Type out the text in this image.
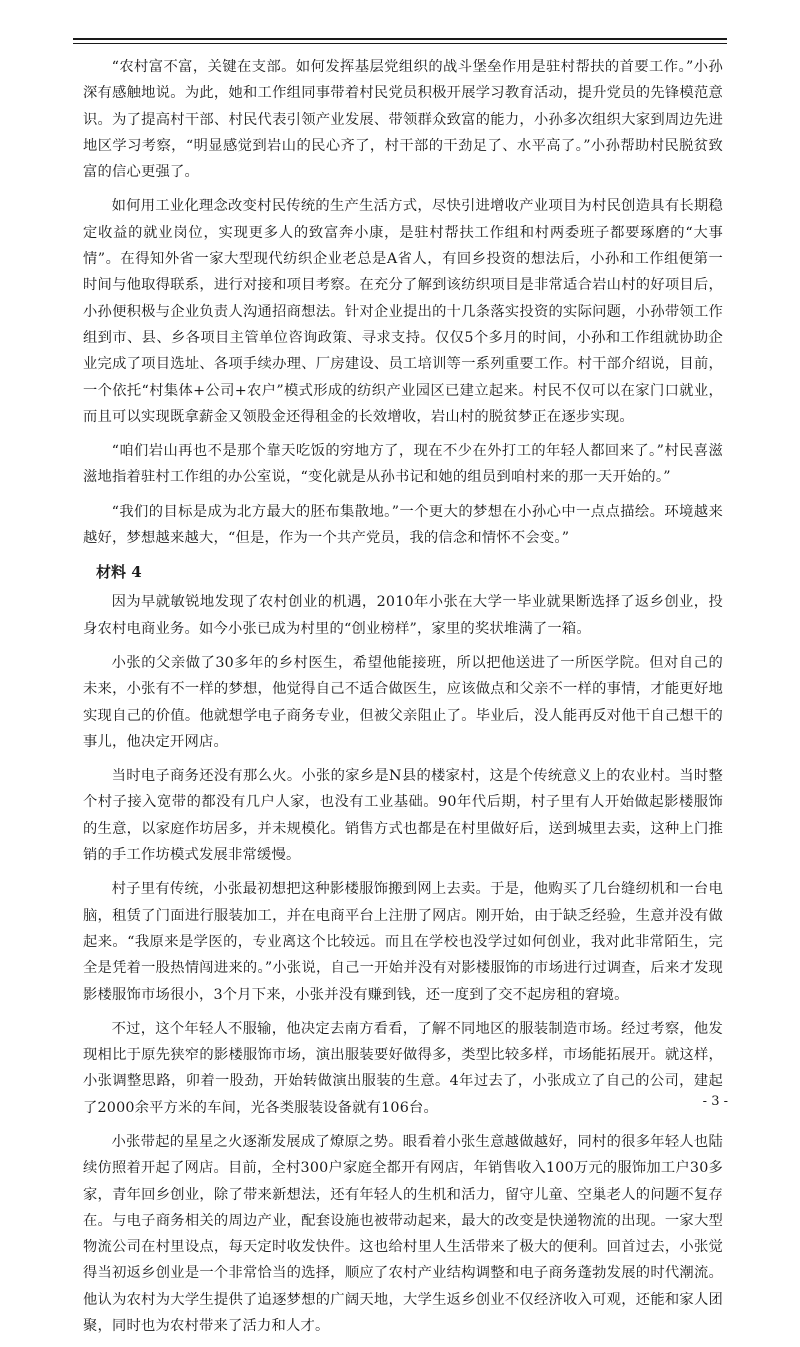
“农村富不富，关键在支部。如何发挥基层党组织的战斗堡垒作用是驻村帮扶的首要工作。”小孙深有感触地说。为此，她和工作组同事带着村民党员积极开展学习教育活动，提升党员的先锋模范意识。为了提高村干部、村民代表引领产业发展、带领群众致富的能力，小孙多次组织大家到周边先进地区学习考察，“明显感觉到岩山的民心齐了，村干部的干劲足了、水平高了。”小孙帮助村民脱贫致富的信心更强了。

如何用工业化理念改变村民传统的生产生活方式，尽快引进增收产业项目为村民创造具有长期稳定收益的就业岗位，实现更多人的致富奔小康，是驻村帮扶工作组和村两委班子都要琢磨的“大事情”。在得知外省一家大型现代纺织企业老总是A省人，有回乡投资的想法后，小孙和工作组便第一时间与他取得联系，进行对接和项目考察。在充分了解到该纺织项目是非常适合岩山村的好项目后，小孙便积极与企业负责人沟通招商想法。针对企业提出的十几条落实投资的实际问题，小孙带领工作组到市、县、乡各项目主管单位咨询政策、寻求支持。仅仅5个多月的时间，小孙和工作组就协助企业完成了项目选址、各项手续办理、厂房建设、员工培训等一系列重要工作。村干部介绍说，目前，一个依托“村集体+公司+农户”模式形成的纺织产业园区已建立起来。村民不仅可以在家门口就业，而且可以实现既拿薪金又领股金还得租金的长效增收，岩山村的脱贫梦正在逐步实现。

“咱们岩山再也不是那个靠天吃饭的穷地方了，现在不少在外打工的年轻人都回来了。”村民喜滋滋地指着驻村工作组的办公室说，“变化就是从孙书记和她的组员到咱村来的那一天开始的。”

“我们的目标是成为北方最大的胚布集散地。”一个更大的梦想在小孙心中一点点描绘。环境越来越好，梦想越来越大，“但是，作为一个共产党员，我的信念和情怀不会变。”

材料 4

因为早就敏锐地发现了农村创业的机遇，2010年小张在大学一毕业就果断选择了返乡创业，投身农村电商业务。如今小张已成为村里的“创业榜样”，家里的奖状堆满了一箱。

小张的父亲做了30多年的乡村医生，希望他能接班，所以把他送进了一所医学院。但对自己的未来，小张有不一样的梦想，他觉得自己不适合做医生，应该做点和父亲不一样的事情，才能更好地实现自己的价值。他就想学电子商务专业，但被父亲阻止了。毕业后，没人能再反对他干自己想干的事儿，他决定开网店。

当时电子商务还没有那么火。小张的家乡是N县的楼家村，这是个传统意义上的农业村。当时整个村子接入宽带的都没有几户人家，也没有工业基础。90年代后期，村子里有人开始做起影楼服饰的生意，以家庭作坊居多，并未规模化。销售方式也都是在村里做好后，送到城里去卖，这种上门推销的手工作坊模式发展非常缓慢。

村子里有传统，小张最初想把这种影楼服饰搬到网上去卖。于是，他购买了几台缝纫机和一台电脑，租赁了门面进行服装加工，并在电商平台上注册了网店。刚开始，由于缺乏经验，生意并没有做起来。“我原来是学医的，专业离这个比较远。而且在学校也没学过如何创业，我对此非常陌生，完全是凭着一股热情闯进来的。”小张说，自己一开始并没有对影楼服饰的市场进行过调查，后来才发现影楼服饰市场很小，3个月下来，小张并没有赚到钱，还一度到了交不起房租的窘境。

不过，这个年轻人不服输，他决定去南方看看，了解不同地区的服装制造市场。经过考察，他发现相比于原先狭窄的影楼服饰市场，演出服装要好做得多，类型比较多样，市场能拓展开。就这样，小张调整思路，卯着一股劲，开始转做演出服装的生意。4年过去了，小张成立了自己的公司，建起了2000余平方米的车间，光各类服装设备就有106台。

小张带起的星星之火逐渐发展成了燎原之势。眼看着小张生意越做越好，同村的很多年轻人也陆续仿照着开起了网店。目前，全村300户家庭全都开有网店，年销售收入100万元的服饰加工户30多家，青年回乡创业，除了带来新想法，还有年轻人的生机和活力，留守儿童、空巢老人的问题不复存在。与电子商务相关的周边产业，配套设施也被带动起来，最大的改变是快递物流的出现。一家大型物流公司在村里设点，每天定时收发快件。这也给村里人生活带来了极大的便利。回首过去，小张觉得当初返乡创业是一个非常恰当的选择，顺应了农村产业结构调整和电子商务蓬勃发展的时代潮流。他认为农村为大学生提供了追逐梦想的广阔天地，大学生返乡创业不仅经济收入可观，还能和家人团聚，同时也为农村带来了活力和人才。

- 3 -
